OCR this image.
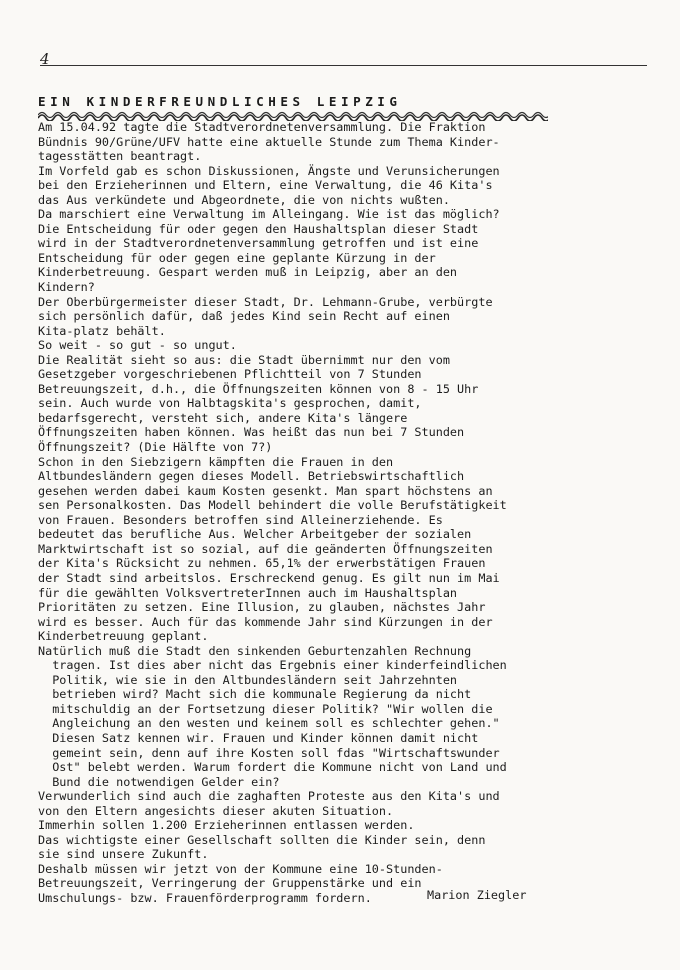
4
EIN KINDERFREUNDLICHES LEIPZIG
Am 15.04.92 tagte die Stadtverordnetenversammlung. Die Fraktion
Bündnis 90/Grüne/UFV hatte eine aktuelle Stunde zum Thema Kinder-
tagesstätten beantragt.
Im Vorfeld gab es schon Diskussionen, Ängste und Verunsicherungen
bei den Erzieherinnen und Eltern, eine Verwaltung, die 46 Kita's
das Aus verkündete und Abgeordnete, die von nichts wußten.
Da marschiert eine Verwaltung im Alleingang. Wie ist das möglich?
Die Entscheidung für oder gegen den Haushaltsplan dieser Stadt
wird in der Stadtverordnetenversammlung getroffen und ist eine
Entscheidung für oder gegen eine geplante Kürzung in der
Kinderbetreuung. Gespart werden muß in Leipzig, aber an den
Kindern?
Der Oberbürgermeister dieser Stadt, Dr. Lehmann-Grube, verbürgte
sich persönlich dafür, daß jedes Kind sein Recht auf einen
Kita-platz behält.
So weit - so gut - so ungut.
Die Realität sieht so aus: die Stadt übernimmt nur den vom
Gesetzgeber vorgeschriebenen Pflichtteil von 7 Stunden
Betreuungszeit, d.h., die Öffnungszeiten können von 8 - 15 Uhr
sein. Auch wurde von Halbtagskita's gesprochen, damit,
bedarfsgerecht, versteht sich, andere Kita's längere
Öffnungszeiten haben können. Was heißt das nun bei 7 Stunden
Öffnungszeit? (Die Hälfte von 7?)
Schon in den Siebzigern kämpften die Frauen in den
Altbundesländern gegen dieses Modell. Betriebswirtschaftlich
gesehen werden dabei kaum Kosten gesenkt. Man spart höchstens an
sen Personalkosten. Das Modell behindert die volle Berufstätigkeit
von Frauen. Besonders betroffen sind Alleinerziehende. Es
bedeutet das berufliche Aus. Welcher Arbeitgeber der sozialen
Marktwirtschaft ist so sozial, auf die geänderten Öffnungszeiten
der Kita's Rücksicht zu nehmen. 65,1% der erwerbstätigen Frauen
der Stadt sind arbeitslos. Erschreckend genug. Es gilt nun im Mai
für die gewählten VolksvertreterInnen auch im Haushaltsplan
Prioritäten zu setzen. Eine Illusion, zu glauben, nächstes Jahr
wird es besser. Auch für das kommende Jahr sind Kürzungen in der
Kinderbetreuung geplant.
Natürlich muß die Stadt den sinkenden Geburtenzahlen Rechnung
tragen. Ist dies aber nicht das Ergebnis einer kinderfeindlichen
Politik, wie sie in den Altbundesländern seit Jahrzehnten
betrieben wird? Macht sich die kommunale Regierung da nicht
mitschuldig an der Fortsetzung dieser Politik? "Wir wollen die
Angleichung an den westen und keinem soll es schlechter gehen."
Diesen Satz kennen wir. Frauen und Kinder können damit nicht
gemeint sein, denn auf ihre Kosten soll fdas "Wirtschaftswunder
Ost" belebt werden. Warum fordert die Kommune nicht von Land und
Bund die notwendigen Gelder ein?
Verwunderlich sind auch die zaghaften Proteste aus den Kita's und
von den Eltern angesichts dieser akuten Situation.
Immerhin sollen 1.200 Erzieherinnen entlassen werden.
Das wichtigste einer Gesellschaft sollten die Kinder sein, denn
sie sind unsere Zukunft.
Deshalb müssen wir jetzt von der Kommune eine 10-Stunden-
Betreuungszeit, Verringerung der Gruppenstärke und ein
Umschulungs- bzw. Frauenförderprogramm fordern.	Marion Ziegler
